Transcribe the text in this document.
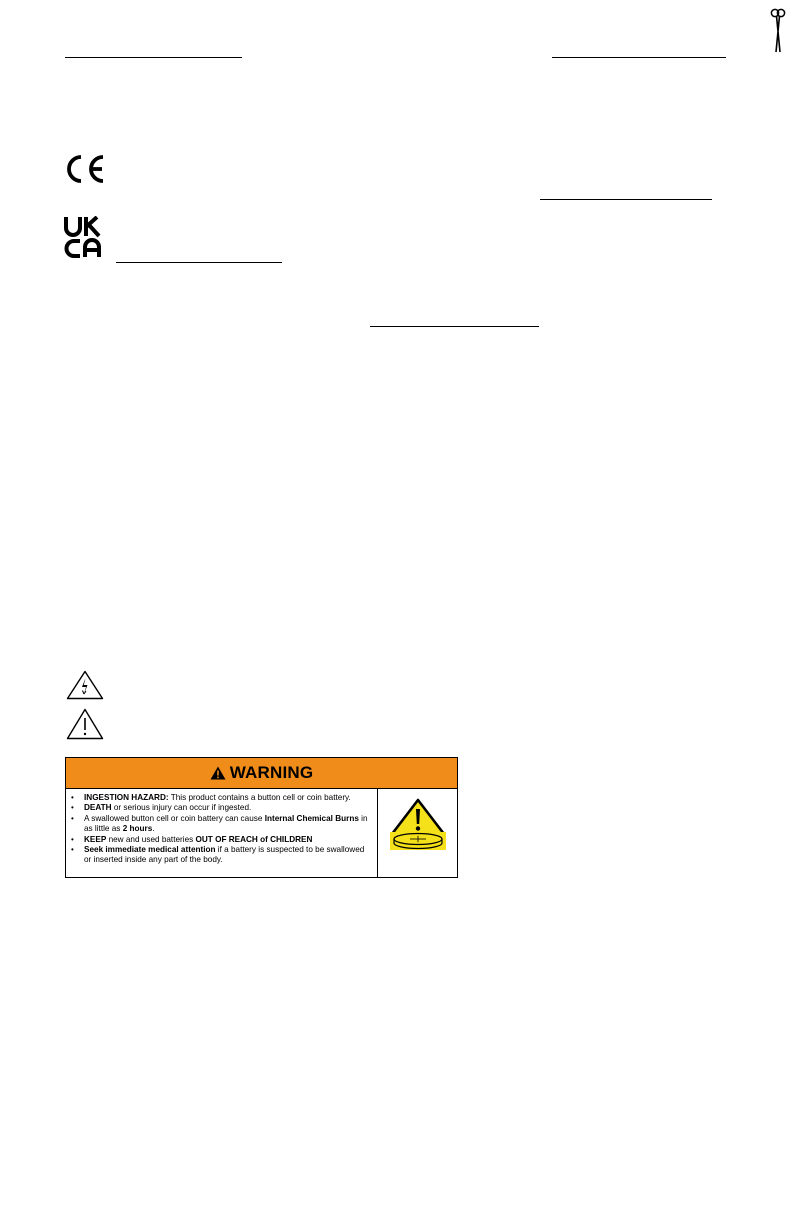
WARNING
• INGESTION HAZARD: This product contains a button cell or coin battery.
• DEATH or serious injury can occur if ingested.
• A swallowed button cell or coin battery can cause Internal Chemical Burns in as little as 2 hours.
• KEEP new and used batteries OUT OF REACH of CHILDREN
• Seek immediate medical attention if a battery is suspected to be swallowed or inserted inside any part of the body.
